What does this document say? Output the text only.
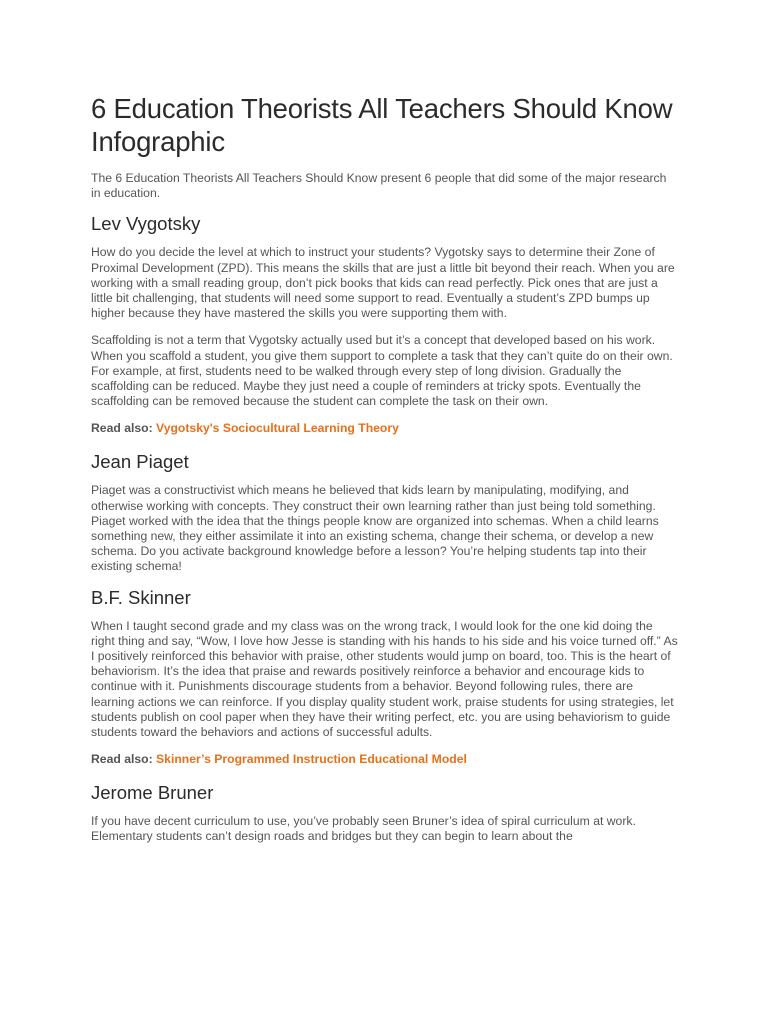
6 Education Theorists All Teachers Should Know Infographic

The 6 Education Theorists All Teachers Should Know present 6 people that did some of the major research in education.

Lev Vygotsky

How do you decide the level at which to instruct your students? Vygotsky says to determine their Zone of Proximal Development (ZPD). This means the skills that are just a little bit beyond their reach. When you are working with a small reading group, don’t pick books that kids can read perfectly. Pick ones that are just a little bit challenging, that students will need some support to read. Eventually a student’s ZPD bumps up higher because they have mastered the skills you were supporting them with.

Scaffolding is not a term that Vygotsky actually used but it’s a concept that developed based on his work. When you scaffold a student, you give them support to complete a task that they can’t quite do on their own. For example, at first, students need to be walked through every step of long division. Gradually the scaffolding can be reduced. Maybe they just need a couple of reminders at tricky spots. Eventually the scaffolding can be removed because the student can complete the task on their own.

Read also: Vygotsky's Sociocultural Learning Theory

Jean Piaget

Piaget was a constructivist which means he believed that kids learn by manipulating, modifying, and otherwise working with concepts. They construct their own learning rather than just being told something. Piaget worked with the idea that the things people know are organized into schemas. When a child learns something new, they either assimilate it into an existing schema, change their schema, or develop a new schema. Do you activate background knowledge before a lesson? You’re helping students tap into their existing schema!

B.F. Skinner

When I taught second grade and my class was on the wrong track, I would look for the one kid doing the right thing and say, “Wow, I love how Jesse is standing with his hands to his side and his voice turned off.” As I positively reinforced this behavior with praise, other students would jump on board, too. This is the heart of behaviorism. It’s the idea that praise and rewards positively reinforce a behavior and encourage kids to continue with it. Punishments discourage students from a behavior. Beyond following rules, there are learning actions we can reinforce. If you display quality student work, praise students for using strategies, let students publish on cool paper when they have their writing perfect, etc. you are using behaviorism to guide students toward the behaviors and actions of successful adults.

Read also: Skinner’s Programmed Instruction Educational Model

Jerome Bruner

If you have decent curriculum to use, you’ve probably seen Bruner’s idea of spiral curriculum at work. Elementary students can’t design roads and bridges but they can begin to learn about the
